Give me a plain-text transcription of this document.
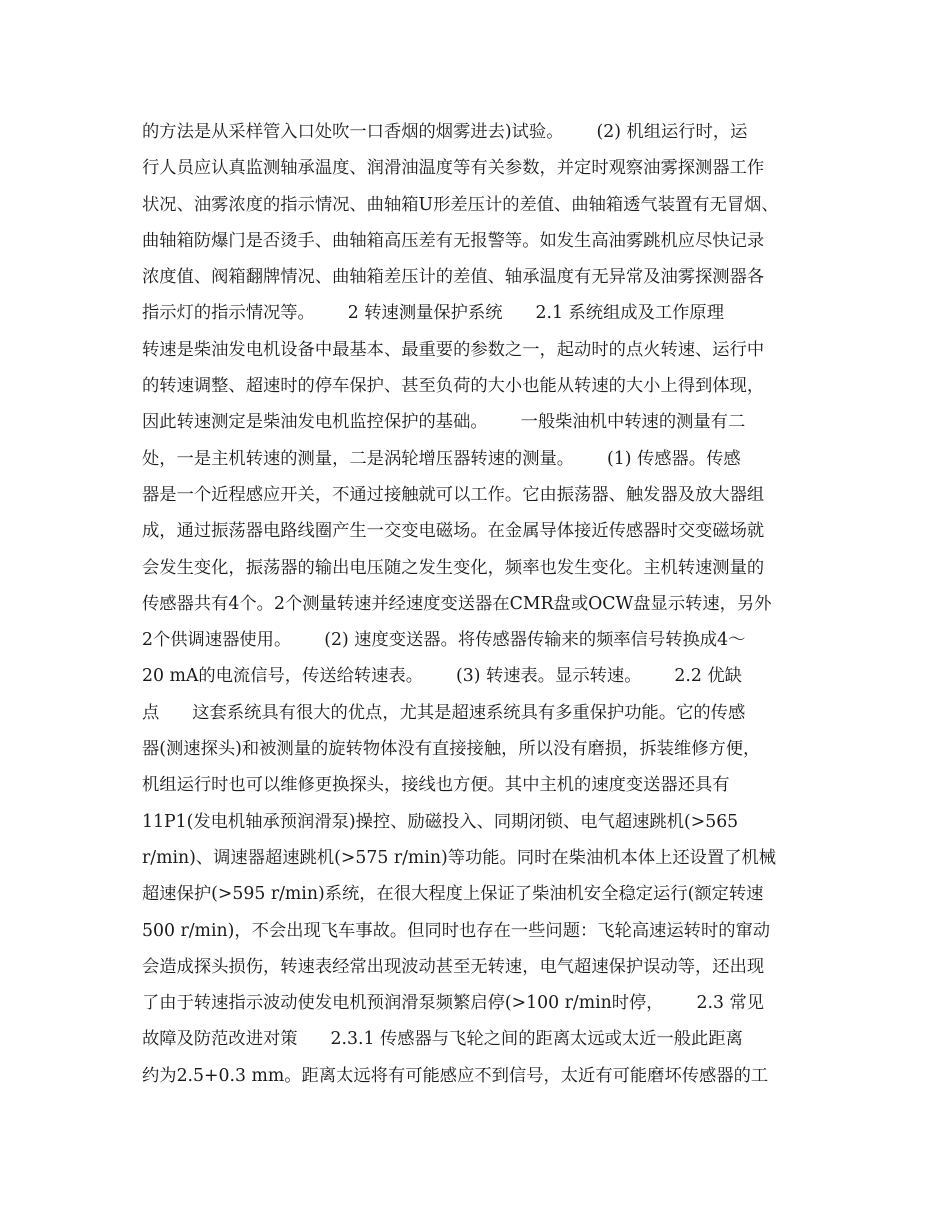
的方法是从采样管入口处吹一口香烟的烟雾进去)试验。      (2) 机组运行时，运
行人员应认真监测轴承温度、润滑油温度等有关参数，并定时观察油雾探测器工作
状况、油雾浓度的指示情况、曲轴箱U形差压计的差值、曲轴箱透气装置有无冒烟、
曲轴箱防爆门是否烫手、曲轴箱高压差有无报警等。如发生高油雾跳机应尽快记录
浓度值、阀箱翻牌情况、曲轴箱差压计的差值、轴承温度有无异常及油雾探测器各
指示灯的指示情况等。      2 转速测量保护系统      2.1 系统组成及工作原理
转速是柴油发电机设备中最基本、最重要的参数之一，起动时的点火转速、运行中
的转速调整、超速时的停车保护、甚至负荷的大小也能从转速的大小上得到体现，
因此转速测定是柴油发电机监控保护的基础。      一般柴油机中转速的测量有二
处，一是主机转速的测量，二是涡轮增压器转速的测量。      (1) 传感器。传感
器是一个近程感应开关，不通过接触就可以工作。它由振荡器、触发器及放大器组
成，通过振荡器电路线圈产生一交变电磁场。在金属导体接近传感器时交变磁场就
会发生变化，振荡器的输出电压随之发生变化，频率也发生变化。主机转速测量的
传感器共有4个。2个测量转速并经速度变送器在CMR盘或OCW盘显示转速，另外
2个供调速器使用。      (2) 速度变送器。将传感器传输来的频率信号转换成4～
20 mA的电流信号，传送给转速表。      (3) 转速表。显示转速。      2.2 优缺
点      这套系统具有很大的优点，尤其是超速系统具有多重保护功能。它的传感
器(测速探头)和被测量的旋转物体没有直接接触，所以没有磨损，拆装维修方便，
机组运行时也可以维修更换探头，接线也方便。其中主机的速度变送器还具有
11P1(发电机轴承预润滑泵)操控、励磁投入、同期闭锁、电气超速跳机(>565
r/min)、调速器超速跳机(>575 r/min)等功能。同时在柴油机本体上还设置了机械
超速保护(>595 r/min)系统，在很大程度上保证了柴油机安全稳定运行(额定转速
500 r/min)，不会出现飞车事故。但同时也存在一些问题：飞轮高速运转时的窜动
会造成探头损伤，转速表经常出现波动甚至无转速，电气超速保护误动等，还出现
了由于转速指示波动使发电机预润滑泵频繁启停(>100 r/min时停，      2.3 常见
故障及防范改进对策      2.3.1 传感器与飞轮之间的距离太远或太近一般此距离
约为2.5+0.3 mm。距离太远将有可能感应不到信号，太近有可能磨坏传感器的工
